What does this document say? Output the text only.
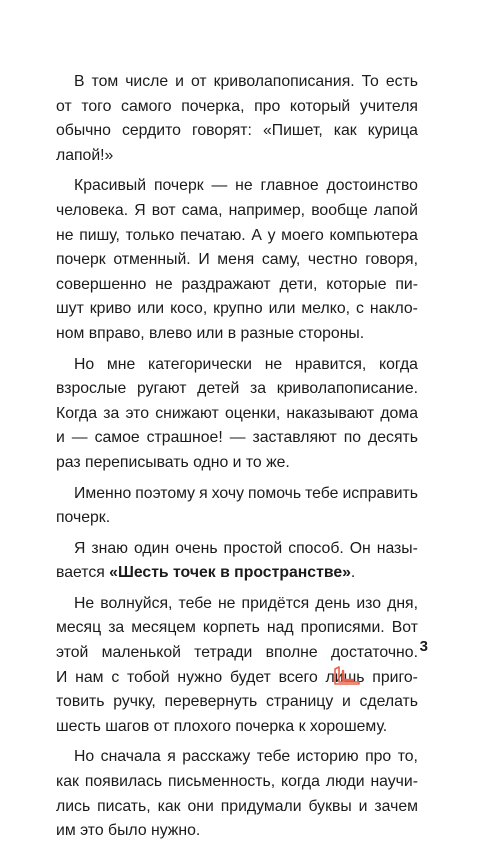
В том числе и от криволапописания. То есть
от того самого почерка, про который учителя
обычно сердито говорят: «Пишет, как курица
лапой!»
Красивый почерк — не главное достоинство
человека. Я вот сама, например, вообще лапой
не пишу, только печатаю. А у моего компьютера
почерк отменный. И меня саму, честно говоря,
совершенно не раздражают дети, которые пи-
шут криво или косо, крупно или мелко, с накло-
ном вправо, влево или в разные стороны.
Но мне категорически не нравится, когда
взрослые ругают детей за криволапописание.
Когда за это снижают оценки, наказывают дома
и — самое страшное! — заставляют по десять
раз переписывать одно и то же.
Именно поэтому я хочу помочь тебе исправить
почерк.
Я знаю один очень простой способ. Он назы-
вается «Шесть точек в пространстве».
Не волнуйся, тебе не придётся день изо дня,
месяц за месяцем корпеть над прописями. Вот
этой маленькой тетради вполне достаточно.
И нам с тобой нужно будет всего лишь приго-
товить ручку, перевернуть страницу и сделать
шесть шагов от плохого почерка к хорошему.
Но сначала я расскажу тебе историю про то,
как появилась письменность, когда люди научи-
лись писать, как они придумали буквы и зачем
им это было нужно.
3
